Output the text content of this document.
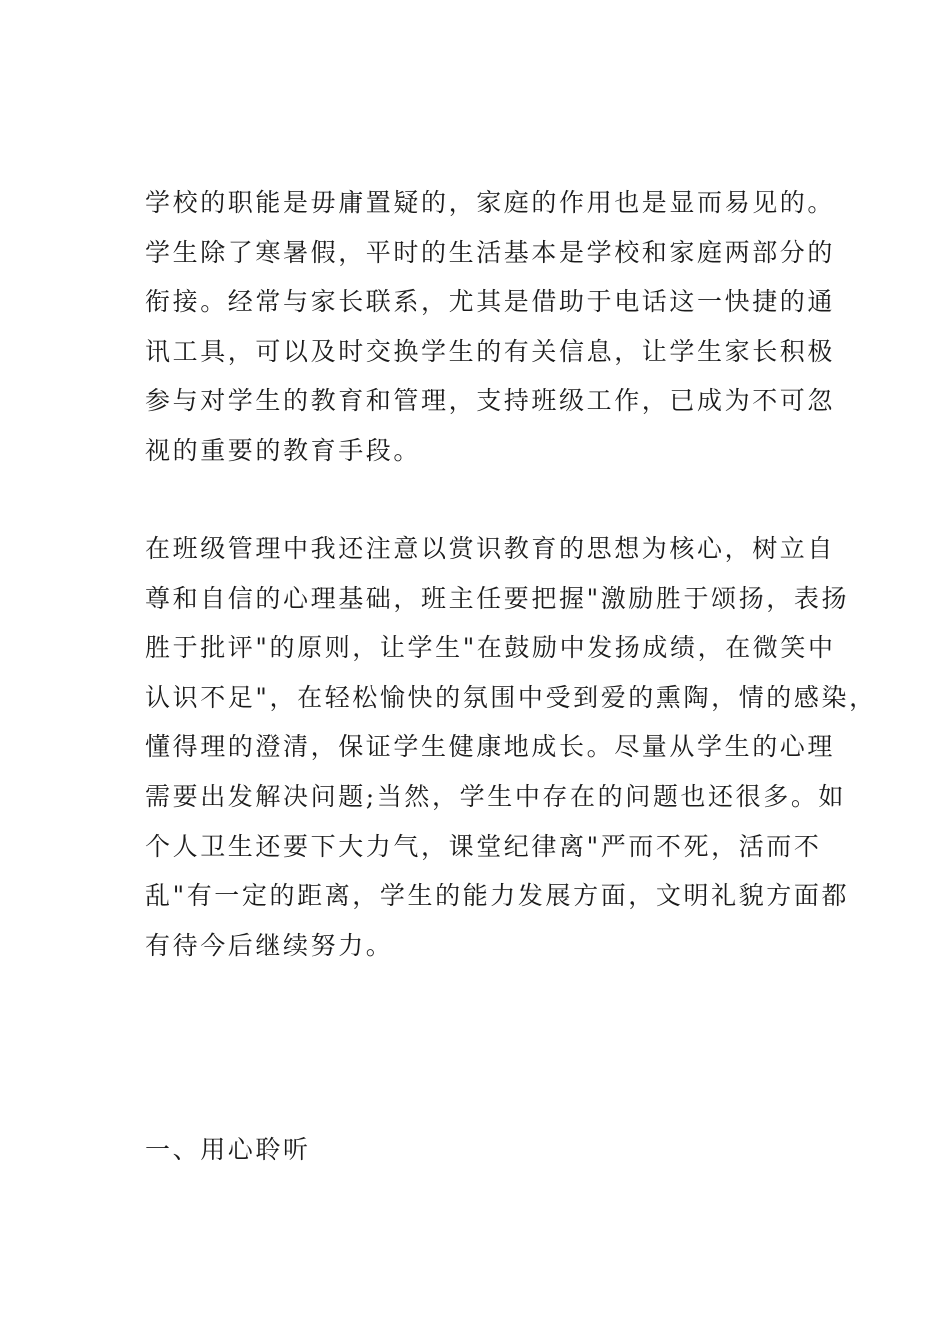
学校的职能是毋庸置疑的，家庭的作用也是显而易见的。
学生除了寒暑假，平时的生活基本是学校和家庭两部分的
衔接。经常与家长联系，尤其是借助于电话这一快捷的通
讯工具，可以及时交换学生的有关信息，让学生家长积极
参与对学生的教育和管理，支持班级工作，已成为不可忽
视的重要的教育手段。
在班级管理中我还注意以赏识教育的思想为核心，树立自
尊和自信的心理基础，班主任要把握"激励胜于颂扬，表扬
胜于批评"的原则，让学生"在鼓励中发扬成绩，在微笑中
认识不足"，在轻松愉快的氛围中受到爱的熏陶，情的感染，
懂得理的澄清，保证学生健康地成长。尽量从学生的心理
需要出发解决问题;当然，学生中存在的问题也还很多。如
个人卫生还要下大力气，课堂纪律离"严而不死，活而不
乱"有一定的距离，学生的能力发展方面，文明礼貌方面都
有待今后继续努力。
一、用心聆听
